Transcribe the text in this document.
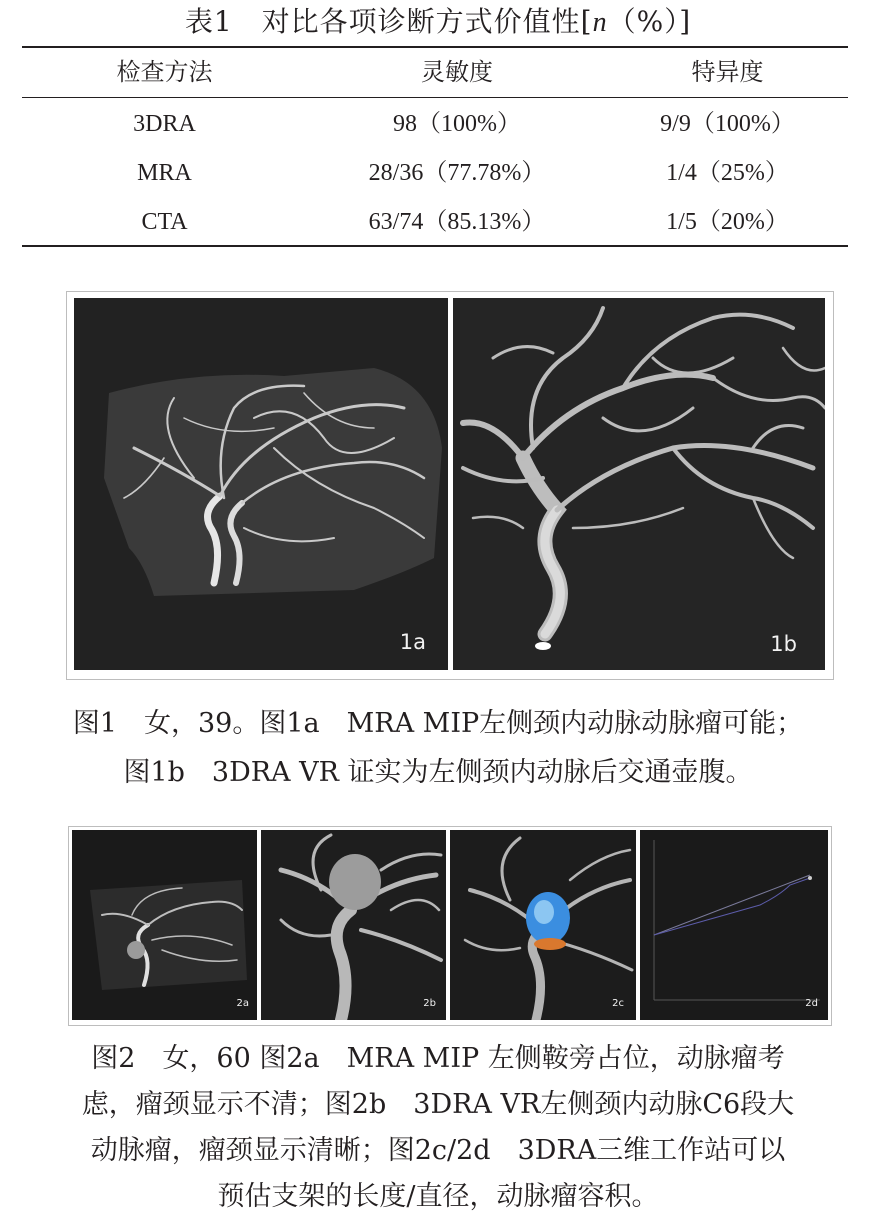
表1　对比各项诊断方式价值性[n（%）]
检查方法	灵敏度	特异度
3DRA	98（100%）	9/9（100%）
MRA	28/36（77.78%）	1/4（25%）
CTA	63/74（85.13%）	1/5（20%）
1a	1b
图1　女，39。图1a　MRA MIP左侧颈内动脉动脉瘤可能；
图1b　3DRA VR 证实为左侧颈内动脉后交通壶腹。
2a	2b	2c	2d
图2　女，60 图2a　MRA MIP 左侧鞍旁占位，动脉瘤考
虑，瘤颈显示不清；图2b　3DRA VR左侧颈内动脉C6段大
动脉瘤，瘤颈显示清晰；图2c/2d　3DRA三维工作站可以
预估支架的长度/直径，动脉瘤容积。
